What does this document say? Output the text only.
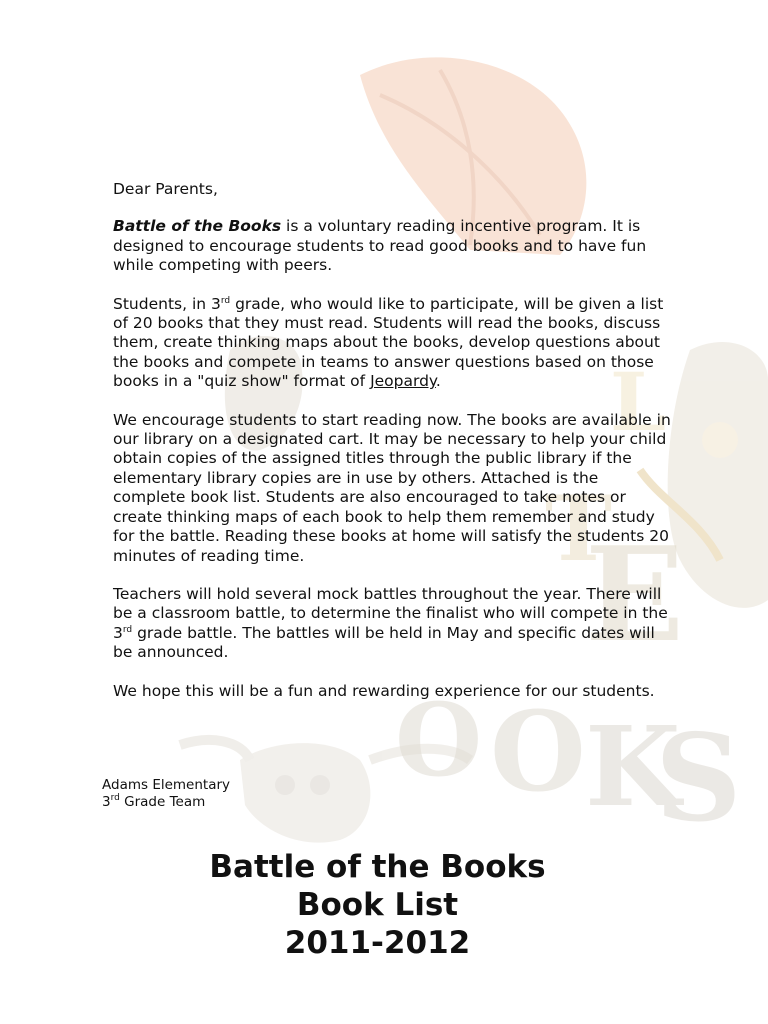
E
T
S
K
O
O
L

Dear Parents,

Battle of the Books is a voluntary reading incentive program. It is designed to encourage students to read good books and to have fun while competing with peers.

Students, in 3rd grade, who would like to participate, will be given a list of 20 books that they must read. Students will read the books, discuss them, create thinking maps about the books, develop questions about the books and compete in teams to answer questions based on those books in a "quiz show" format of Jeopardy.

We encourage students to start reading now. The books are available in our library on a designated cart. It may be necessary to help your child obtain copies of the assigned titles through the public library if the elementary library copies are in use by others. Attached is the complete book list. Students are also encouraged to take notes or create thinking maps of each book to help them remember and study for the battle. Reading these books at home will satisfy the students 20 minutes of reading time.

Teachers will hold several mock battles throughout the year. There will be a classroom battle, to determine the finalist who will compete in the 3rd grade battle. The battles will be held in May and specific dates will be announced.

We hope this will be a fun and rewarding experience for our students.

Adams Elementary
3rd Grade Team
Battle of the Books
Book List
2011-2012
